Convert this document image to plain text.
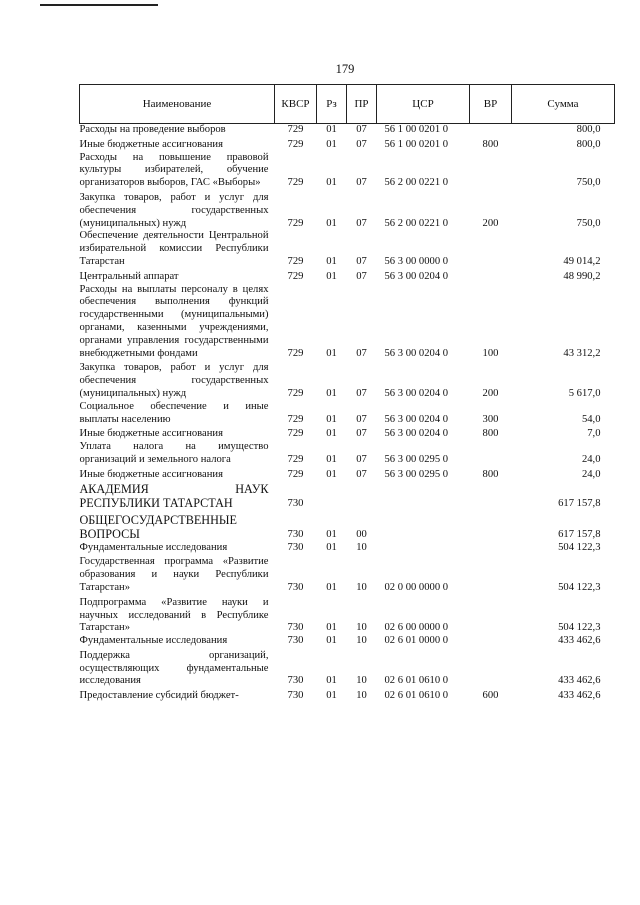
179
Наименование	КВСР	Рз	ПР	ЦСР	ВР	Сумма
Расходы на проведение выборов	729	01	07	56 1 00 0201 0		800,0
Иные бюджетные ассигнования	729	01	07	56 1 00 0201 0	800	800,0
Расходы на повышение правовой культуры избирателей, обучение организаторов выборов, ГАС «Выборы»	729	01	07	56 2 00 0221 0		750,0
Закупка товаров, работ и услуг для обеспечения государственных (муниципальных) нужд	729	01	07	56 2 00 0221 0	200	750,0
Обеспечение деятельности Центральной избирательной комиссии Республики Татарстан	729	01	07	56 3 00 0000 0		49 014,2
Центральный аппарат	729	01	07	56 3 00 0204 0		48 990,2
Расходы на выплаты персоналу в целях обеспечения выполнения функций государственными (муниципальными) органами, казенными учреждениями, органами управления государственными внебюджетными фондами	729	01	07	56 3 00 0204 0	100	43 312,2
Закупка товаров, работ и услуг для обеспечения государственных (муниципальных) нужд	729	01	07	56 3 00 0204 0	200	5 617,0
Социальное обеспечение и иные выплаты населению	729	01	07	56 3 00 0204 0	300	54,0
Иные бюджетные ассигнования	729	01	07	56 3 00 0204 0	800	7,0
Уплата налога на имущество организаций и земельного налога	729	01	07	56 3 00 0295 0		24,0
Иные бюджетные ассигнования	729	01	07	56 3 00 0295 0	800	24,0
АКАДЕМИЯ НАУК РЕСПУБЛИКИ ТАТАРСТАН	730					617 157,8
ОБЩЕГОСУДАРСТВЕННЫЕ ВОПРОСЫ	730	01	00			617 157,8
Фундаментальные исследования	730	01	10			504 122,3
Государственная программа «Развитие образования и науки Республики Татарстан»	730	01	10	02 0 00 0000 0		504 122,3
Подпрограмма «Развитие науки и научных исследований в Республике Татарстан»	730	01	10	02 6 00 0000 0		504 122,3
Фундаментальные исследования	730	01	10	02 6 01 0000 0		433 462,6
Поддержка организаций, осуществляющих фундаментальные исследования	730	01	10	02 6 01 0610 0		433 462,6
Предоставление субсидий бюджет-	730	01	10	02 6 01 0610 0	600	433 462,6
